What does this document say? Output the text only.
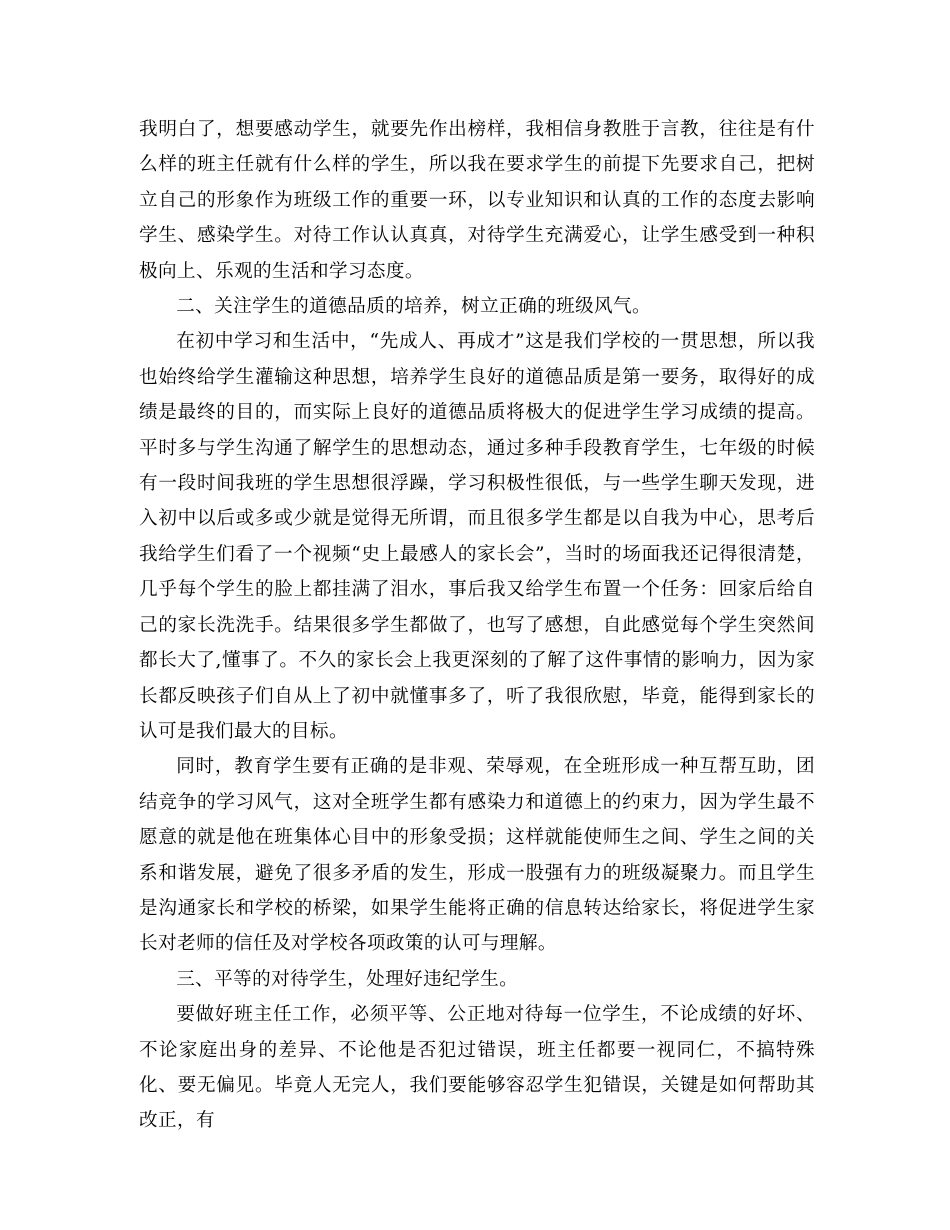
我明白了，想要感动学生，就要先作出榜样，我相信身教胜于言教，往往是有什么样的班主任就有什么样的学生，所以我在要求学生的前提下先要求自己，把树立自己的形象作为班级工作的重要一环，以专业知识和认真的工作的态度去影响学生、感染学生。对待工作认认真真，对待学生充满爱心，让学生感受到一种积极向上、乐观的生活和学习态度。

二、关注学生的道德品质的培养，树立正确的班级风气。

在初中学习和生活中，“先成人、再成才”这是我们学校的一贯思想，所以我也始终给学生灌输这种思想，培养学生良好的道德品质是第一要务，取得好的成绩是最终的目的，而实际上良好的道德品质将极大的促进学生学习成绩的提高。平时多与学生沟通了解学生的思想动态，通过多种手段教育学生，七年级的时候有一段时间我班的学生思想很浮躁，学习积极性很低，与一些学生聊天发现，进入初中以后或多或少就是觉得无所谓，而且很多学生都是以自我为中心，思考后我给学生们看了一个视频“史上最感人的家长会”，当时的场面我还记得很清楚，几乎每个学生的脸上都挂满了泪水，事后我又给学生布置一个任务：回家后给自己的家长洗洗手。结果很多学生都做了，也写了感想，自此感觉每个学生突然间都长大了,懂事了。不久的家长会上我更深刻的了解了这件事情的影响力，因为家长都反映孩子们自从上了初中就懂事多了，听了我很欣慰，毕竟，能得到家长的认可是我们最大的目标。

同时，教育学生要有正确的是非观、荣辱观，在全班形成一种互帮互助，团结竞争的学习风气，这对全班学生都有感染力和道德上的约束力，因为学生最不愿意的就是他在班集体心目中的形象受损；这样就能使师生之间、学生之间的关系和谐发展，避免了很多矛盾的发生，形成一股强有力的班级凝聚力。而且学生是沟通家长和学校的桥梁，如果学生能将正确的信息转达给家长，将促进学生家长对老师的信任及对学校各项政策的认可与理解。

三、平等的对待学生，处理好违纪学生。

要做好班主任工作，必须平等、公正地对待每一位学生，不论成绩的好坏、不论家庭出身的差异、不论他是否犯过错误，班主任都要一视同仁，不搞特殊化、要无偏见。毕竟人无完人，我们要能够容忍学生犯错误，关键是如何帮助其改正，有
